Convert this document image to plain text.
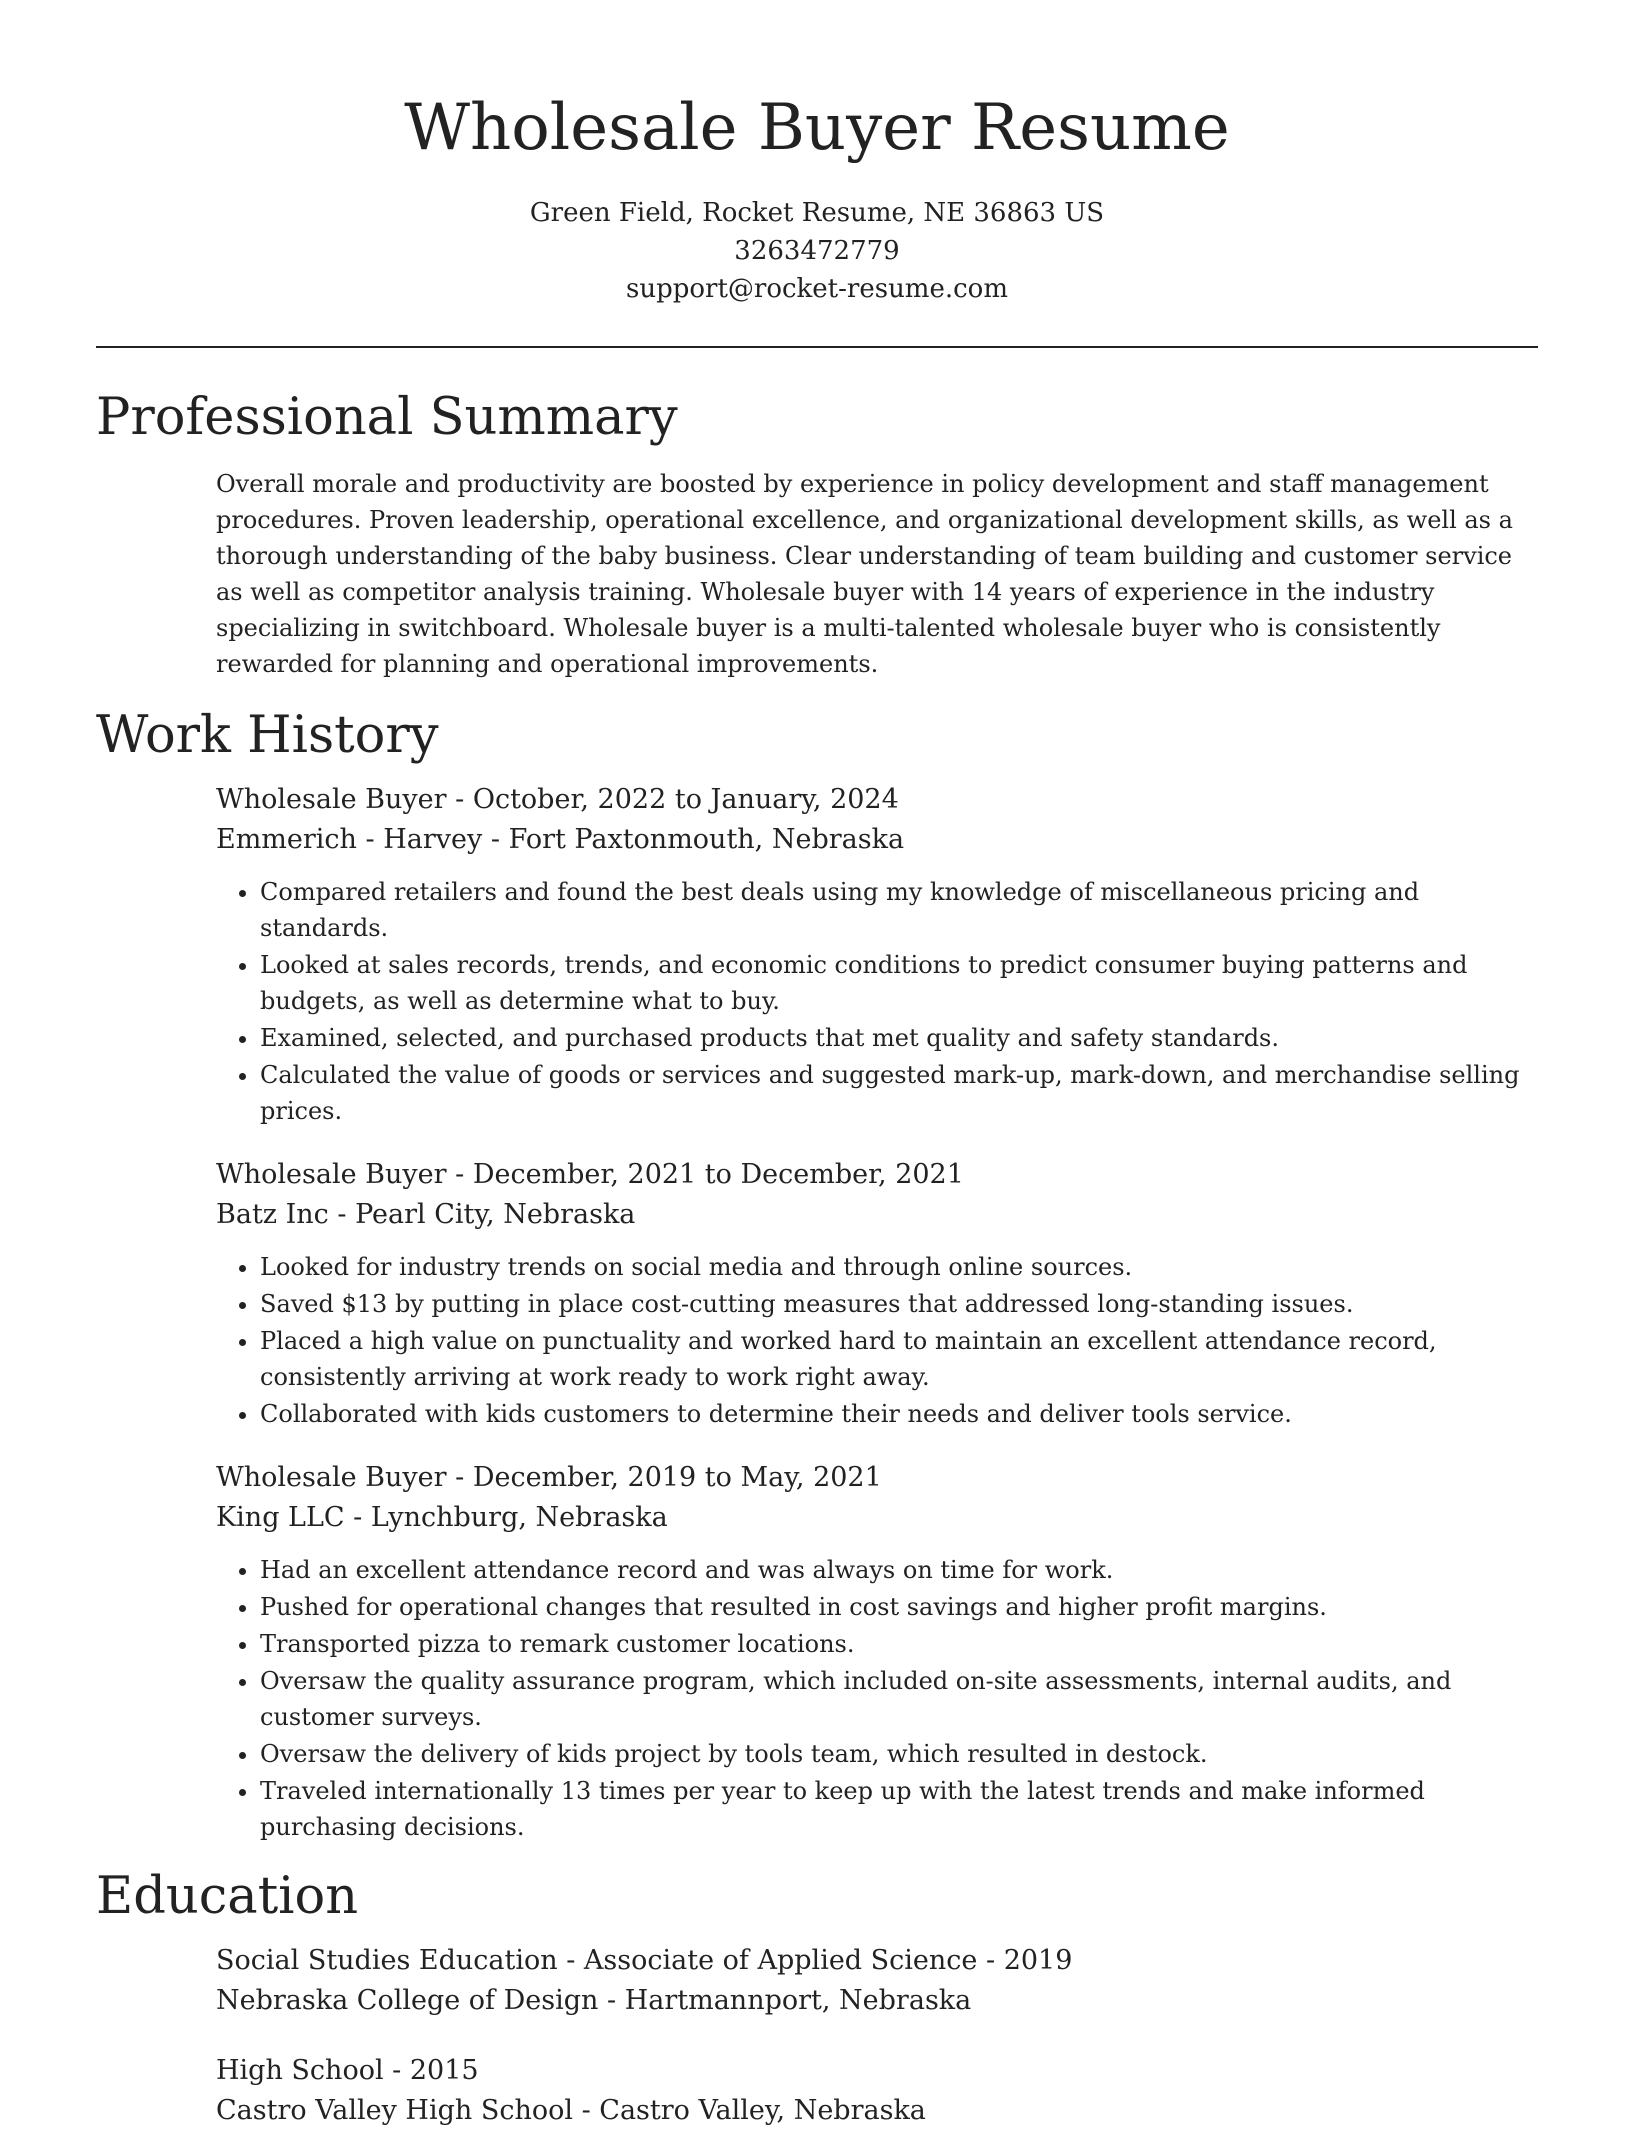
Wholesale Buyer Resume
Green Field, Rocket Resume, NE 36863 US
3263472779
support@rocket-resume.com
Professional Summary

Overall morale and productivity are boosted by experience in policy development and staff management procedures. Proven leadership, operational excellence, and organizational development skills, as well as a thorough understanding of the baby business. Clear understanding of team building and customer service as well as competitor analysis training. Wholesale buyer with 14 years of experience in the industry specializing in switchboard. Wholesale buyer is a multi-talented wholesale buyer who is consistently rewarded for planning and operational improvements.

Work History
Wholesale Buyer - October, 2022 to January, 2024
Emmerich - Harvey - Fort Paxtonmouth, Nebraska
• Compared retailers and found the best deals using my knowledge of miscellaneous pricing and standards.
• Looked at sales records, trends, and economic conditions to predict consumer buying patterns and budgets, as well as determine what to buy.
• Examined, selected, and purchased products that met quality and safety standards.
• Calculated the value of goods or services and suggested mark-up, mark-down, and merchandise selling prices.
Wholesale Buyer - December, 2021 to December, 2021
Batz Inc - Pearl City, Nebraska
• Looked for industry trends on social media and through online sources.
• Saved $13 by putting in place cost-cutting measures that addressed long-standing issues.
• Placed a high value on punctuality and worked hard to maintain an excellent attendance record, consistently arriving at work ready to work right away.
• Collaborated with kids customers to determine their needs and deliver tools service.
Wholesale Buyer - December, 2019 to May, 2021
King LLC - Lynchburg, Nebraska
• Had an excellent attendance record and was always on time for work.
• Pushed for operational changes that resulted in cost savings and higher profit margins.
• Transported pizza to remark customer locations.
• Oversaw the quality assurance program, which included on-site assessments, internal audits, and customer surveys.
• Oversaw the delivery of kids project by tools team, which resulted in destock.
• Traveled internationally 13 times per year to keep up with the latest trends and make informed purchasing decisions.
Education
Social Studies Education - Associate of Applied Science - 2019
Nebraska College of Design - Hartmannport, Nebraska
High School - 2015
Castro Valley High School - Castro Valley, Nebraska
